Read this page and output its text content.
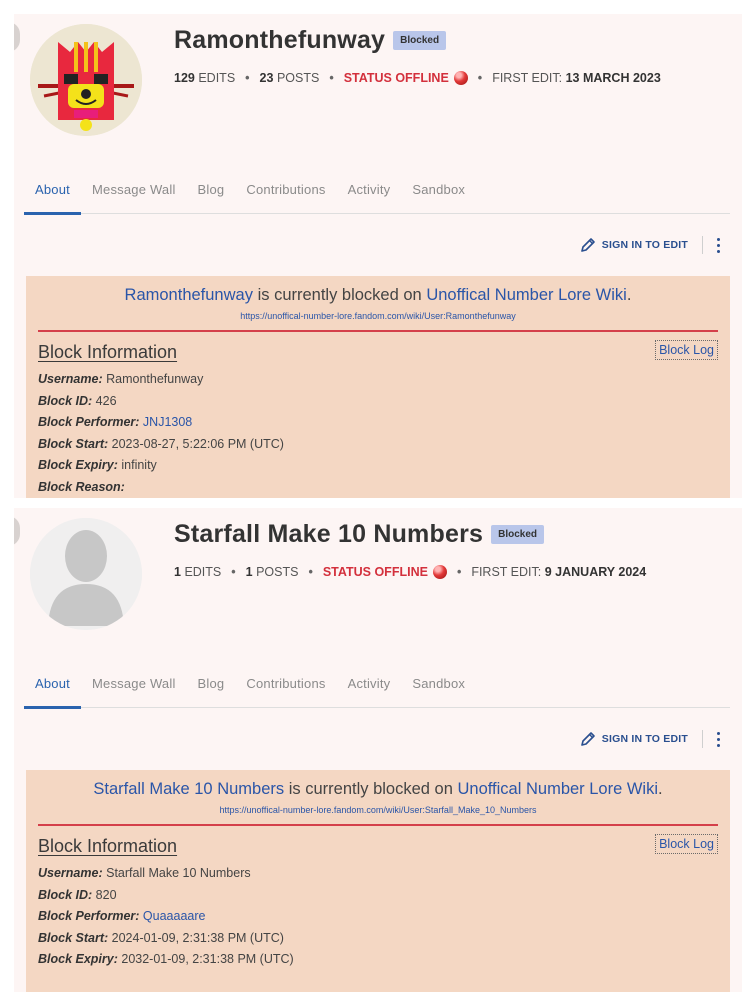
Ramonthefunway	Blocked
129
EDITS • 23
POSTS • STATUS OFFLINE • FIRST EDIT:
13 MARCH 2023
About	Message Wall	Blog	Contributions	Activity	Sandbox
SIGN IN TO EDIT
Ramonthefunway is currently blocked on Unoffical Number Lore Wiki.
https://unoffical-number-lore.fandom.com/wiki/User:Ramonthefunway
Block Information	Block Log
Username: Ramonthefunway
Block ID: 426
Block Performer: JNJ1308
Block Start: 2023-08-27, 5:22:06 PM (UTC)
Block Expiry: infinity
Block Reason:
Starfall Make 10 Numbers	Blocked
1
EDITS • 1
POSTS • STATUS OFFLINE • FIRST EDIT:
9 JANUARY 2024
About	Message Wall	Blog	Contributions	Activity	Sandbox
SIGN IN TO EDIT
Starfall Make 10 Numbers is currently blocked on Unoffical Number Lore Wiki.
https://unoffical-number-lore.fandom.com/wiki/User:Starfall_Make_10_Numbers
Block Information	Block Log
Username: Starfall Make 10 Numbers
Block ID: 820
Block Performer: Quaaaaare
Block Start: 2024-01-09, 2:31:38 PM (UTC)
Block Expiry: 2032-01-09, 2:31:38 PM (UTC)
